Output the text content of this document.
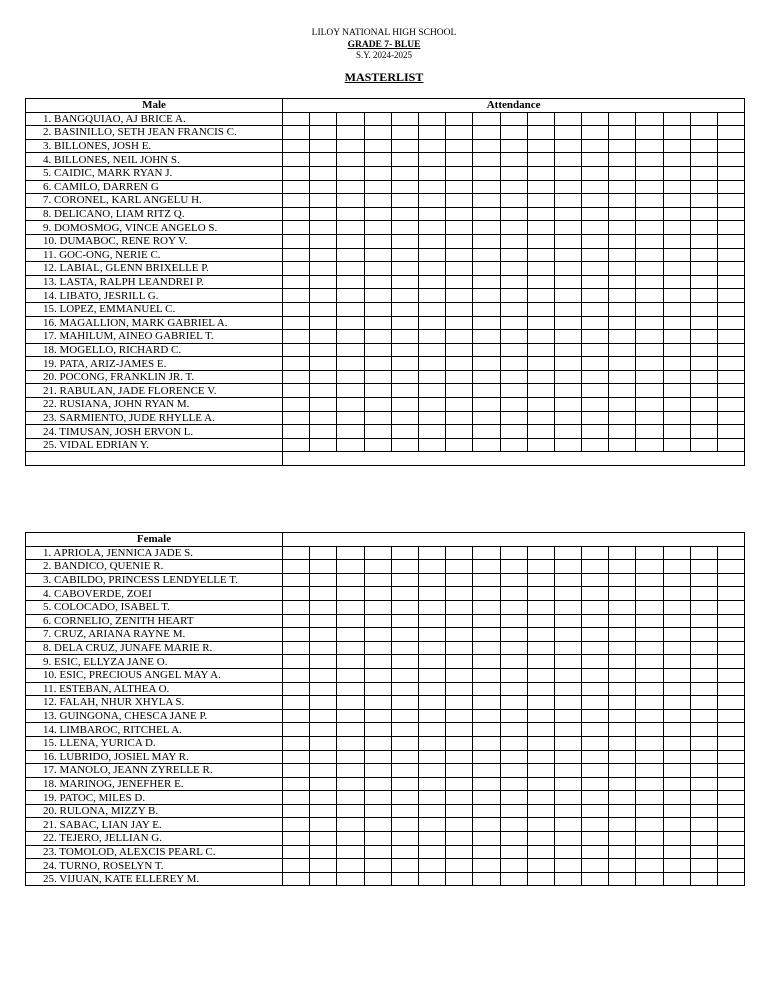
LILOY NATIONAL HIGH SCHOOL
GRADE 7- BLUE
S.Y. 2024-2025
MASTERLIST
Male	Attendance																
1. BANGQUIAO, AJ BRICE A.																	
2. BASINILLO, SETH JEAN FRANCIS C.																	
3. BILLONES, JOSH E.																	
4. BILLONES, NEIL JOHN S.																	
5. CAIDIC, MARK RYAN J.																	
6. CAMILO, DARREN G																	
7. CORONEL, KARL ANGELU H.																	
8. DELICANO, LIAM RITZ Q.																	
9. DOMOSMOG, VINCE ANGELO S.																	
10. DUMABOC, RENE ROY V.																	
11. GOC-ONG, NERIE C.																	
12. LABIAL, GLENN BRIXELLE P.																	
13. LASTA, RALPH LEANDREI P.																	
14. LIBATO, JESRILL G.																	
15. LOPEZ, EMMANUEL C.																	
16. MAGALLION, MARK GABRIEL A.																	
17. MAHILUM, AINEO GABRIEL T.																	
18. MOGELLO, RICHARD C.																	
19. PATA, ARIZ-JAMES E.																	
20. POCONG, FRANKLIN JR. T.																	
21. RABULAN, JADE FLORENCE V.																	
22. RUSIANA, JOHN RYAN M.																	
23. SARMIENTO, JUDE RHYLLE A.																	
24. TIMUSAN, JOSH ERVON L.																	
25. VIDAL EDRIAN Y.																	

Female																	
1. APRIOLA, JENNICA JADE S.																	
2. BANDICO, QUENIE R.																	
3. CABILDO, PRINCESS LENDYELLE T.																	
4. CABOVERDE, ZOEI																	
5. COLOCADO, ISABEL T.																	
6. CORNELIO, ZENITH HEART																	
7. CRUZ, ARIANA RAYNE M.																	
8. DELA CRUZ, JUNAFE MARIE R.																	
9. ESIC, ELLYZA JANE O.																	
10. ESIC, PRECIOUS ANGEL MAY A.																	
11. ESTEBAN, ALTHEA O.																	
12. FALAH, NHUR XHYLA S.																	
13. GUINGONA, CHESCA JANE P.																	
14. LIMBAROC, RITCHEL A.																	
15. LLENA, YURICA D.																	
16. LUBRIDO, JOSIEL MAY R.																	
17. MANOLO, JEANN ZYRELLE R.																	
18. MARINOG, JENEFHER E.																	
19. PATOC, MILES D.																	
20. RULONA, MIZZY B.																	
21. SABAC, LIAN JAY E.																	
22. TEJERO, JELLIAN G.																	
23. TOMOLOD, ALEXCIS PEARL C.																	
24. TURNO, ROSELYN T.																	
25. VIJUAN, KATE ELLEREY M.																	
